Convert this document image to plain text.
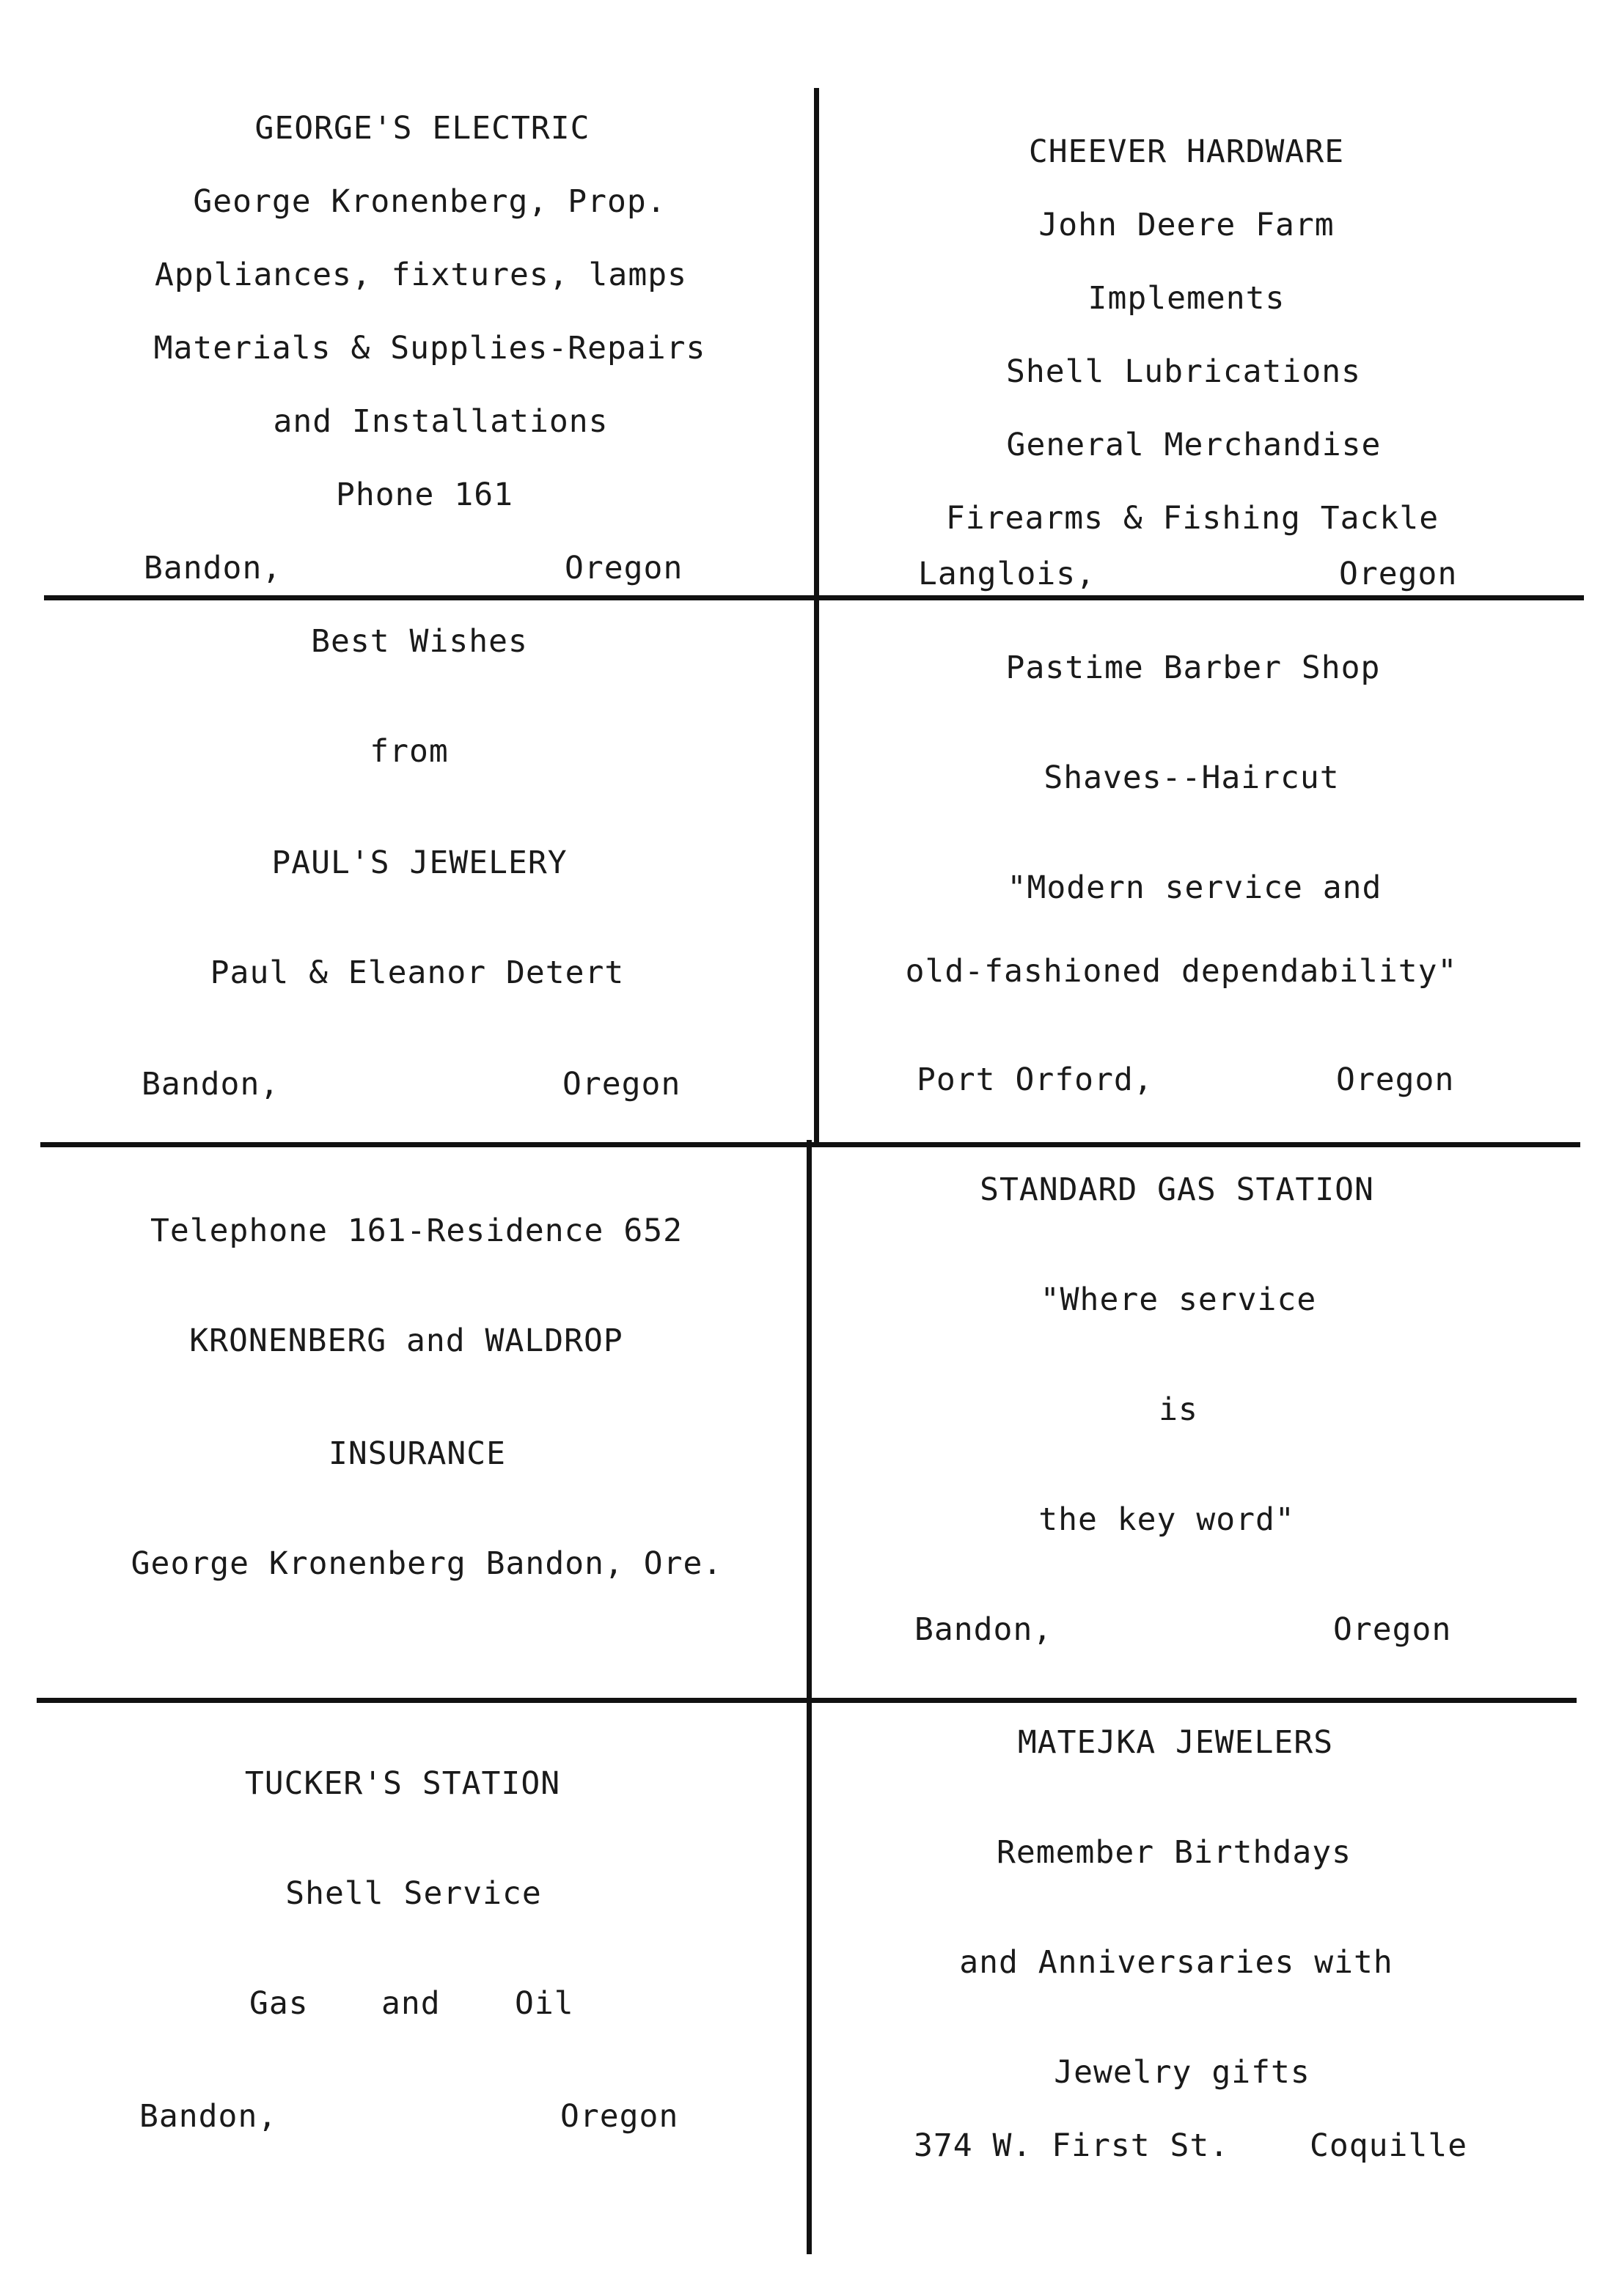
GEORGE'S ELECTRIC
George Kronenberg, Prop.
Appliances, fixtures, lamps
Materials & Supplies-Repairs
and Installations
Phone 161
Bandon,	Oregon
CHEEVER HARDWARE
John Deere Farm
Implements
Shell Lubrications
General Merchandise
Firearms & Fishing Tackle
Langlois,	Oregon
Best Wishes
from
PAUL'S JEWELERY
Paul & Eleanor Detert
Bandon,	Oregon
Pastime Barber Shop
Shaves--Haircut
"Modern service and
old-fashioned dependability"
Port Orford,	Oregon
Telephone 161-Residence 652
KRONENBERG and WALDROP
INSURANCE
George Kronenberg Bandon, Ore.
STANDARD GAS STATION
"Where service
is
the key word"
Bandon,	Oregon
TUCKER'S STATION
Shell Service
Gas and Oil
Bandon,	Oregon
MATEJKA JEWELERS
Remember Birthdays
and Anniversaries with
Jewelry gifts
374 W. First St.	Coquille
